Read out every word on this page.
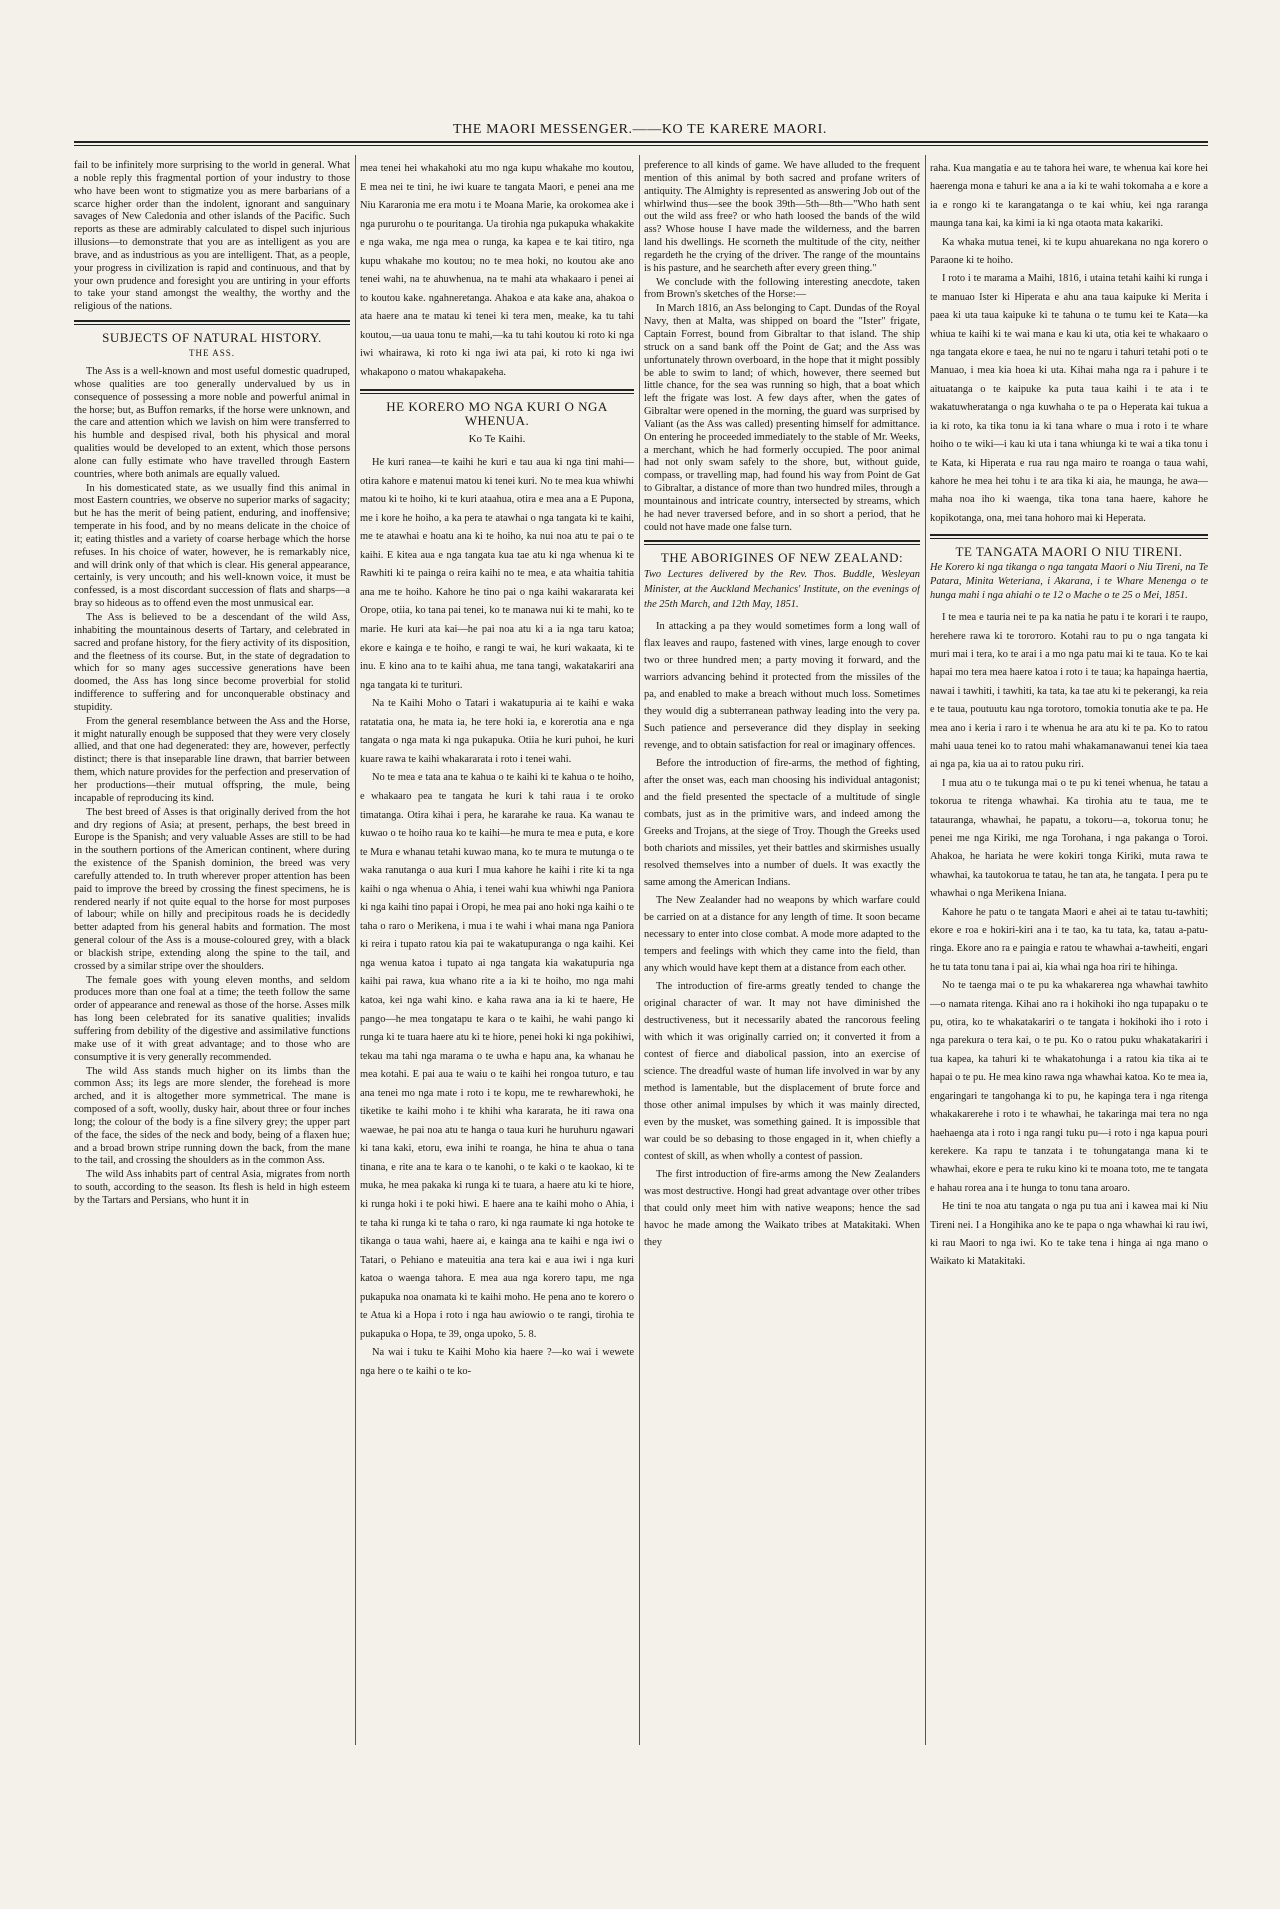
THE MAORI MESSENGER.——KO TE KARERE MAORI.

fail to be infinitely more surprising to the world in general. What a noble reply this fragmental portion of your industry to those who have been wont to stigmatize you as mere barbarians of a scarce higher order than the indolent, ignorant and sanguinary savages of New Caledonia and other islands of the Pacific. Such reports as these are admirably calculated to dispel such injurious illusions—to demonstrate that you are as intelligent as you are brave, and as industrious as you are intelligent. That, as a people, your progress in civilization is rapid and continuous, and that by your own prudence and foresight you are untiring in your efforts to take your stand amongst the wealthy, the worthy and the religious of the nations.

SUBJECTS OF NATURAL HISTORY.
THE ASS.

The Ass is a well-known and most useful domestic quadruped, whose qualities are too generally undervalued by us in consequence of possessing a more noble and powerful animal in the horse; but, as Buffon remarks, if the horse were unknown, and the care and attention which we lavish on him were transferred to his humble and despised rival, both his physical and moral qualities would be developed to an extent, which those persons alone can fully estimate who have travelled through Eastern countries, where both animals are equally valued.

In his domesticated state, as we usually find this animal in most Eastern countries, we observe no superior marks of sagacity; but he has the merit of being patient, enduring, and inoffensive; temperate in his food, and by no means delicate in the choice of it; eating thistles and a variety of coarse herbage which the horse refuses. In his choice of water, however, he is remarkably nice, and will drink only of that which is clear. His general appearance, certainly, is very uncouth; and his well-known voice, it must be confessed, is a most discordant succession of flats and sharps—a bray so hideous as to offend even the most unmusical ear.

The Ass is believed to be a descendant of the wild Ass, inhabiting the mountainous deserts of Tartary, and celebrated in sacred and profane history, for the fiery activity of its disposition, and the fleetness of its course. But, in the state of degradation to which for so many ages successive generations have been doomed, the Ass has long since become proverbial for stolid indifference to suffering and for unconquerable obstinacy and stupidity.

From the general resemblance between the Ass and the Horse, it might naturally enough be supposed that they were very closely allied, and that one had degenerated: they are, however, perfectly distinct; there is that inseparable line drawn, that barrier between them, which nature provides for the perfection and preservation of her productions—their mutual offspring, the mule, being incapable of reproducing its kind.

The best breed of Asses is that originally derived from the hot and dry regions of Asia; at present, perhaps, the best breed in Europe is the Spanish; and very valuable Asses are still to be had in the southern portions of the American continent, where during the existence of the Spanish dominion, the breed was very carefully attended to. In truth wherever proper attention has been paid to improve the breed by crossing the finest specimens, he is rendered nearly if not quite equal to the horse for most purposes of labour; while on hilly and precipitous roads he is decidedly better adapted from his general habits and formation. The most general colour of the Ass is a mouse-coloured grey, with a black or blackish stripe, extending along the spine to the tail, and crossed by a similar stripe over the shoulders.

The female goes with young eleven months, and seldom produces more than one foal at a time; the teeth follow the same order of appearance and renewal as those of the horse. Asses milk has long been celebrated for its sanative qualities; invalids suffering from debility of the digestive and assimilative functions make use of it with great advantage; and to those who are consumptive it is very generally recommended.

The wild Ass stands much higher on its limbs than the common Ass; its legs are more slender, the forehead is more arched, and it is altogether more symmetrical. The mane is composed of a soft, woolly, dusky hair, about three or four inches long; the colour of the body is a fine silvery grey; the upper part of the face, the sides of the neck and body, being of a flaxen hue; and a broad brown stripe running down the back, from the mane to the tail, and crossing the shoulders as in the common Ass.

The wild Ass inhabits part of central Asia, migrates from north to south, according to the season. Its flesh is held in high esteem by the Tartars and Persians, who hunt it in

mea tenei hei whakahoki atu mo nga kupu whakahe mo koutou, E mea nei te tini, he iwi kuare te tangata Maori, e penei ana me Niu Kararonia me era motu i te Moana Marie, ka orokomea ake i nga pururohu o te pouritanga. Ua tirohia nga pukapuka whakakite e nga waka, me nga mea o runga, ka kapea e te kai titiro, nga kupu whakahe mo koutou; no te mea hoki, no koutou ake ano tenei wahi, na te ahuwhenua, na te mahi ata whakaaro i penei ai to koutou kake. ngahneretanga. Ahakoa e ata kake ana, ahakoa o ata haere ana te matau ki tenei ki tera men, meake, ka tu tahi koutou,—ua uaua tonu te mahi,—ka tu tahi koutou ki roto ki nga iwi whairawa, ki roto ki nga iwi ata pai, ki roto ki nga iwi whakapono o matou whakapakeha.

HE KORERO MO NGA KURI O NGA WHENUA.
Ko Te Kaihi.

He kuri ranea—te kaihi he kuri e tau aua ki nga tini mahi—otira kahore e matenui matou ki tenei kuri. No te mea kua whiwhi matou ki te hoiho, ki te kuri ataahua, otira e mea ana a E Pupona, me i kore he hoiho, a ka pera te atawhai o nga tangata ki te kaihi, me te atawhai e hoatu ana ki te hoiho, ka nui noa atu te pai o te kaihi. E kitea aua e nga tangata kua tae atu ki nga whenua ki te Rawhiti ki te painga o reira kaihi no te mea, e ata whaitia tahitia ana me te hoiho. Kahore he tino pai o nga kaihi wakararata kei Orope, otiia, ko tana pai tenei, ko te manawa nui ki te mahi, ko te marie. He kuri ata kai—he pai noa atu ki a ia nga taru katoa; ekore e kainga e te hoiho, e rangi te wai, he kuri wakaata, ki te inu. E kino ana to te kaihi ahua, me tana tangi, wakatakariri ana nga tangata ki te turituri.

Na te Kaihi Moho o Tatari i wakatupuria ai te kaihi e waka ratatatia ona, he mata ia, he tere hoki ia, e korerotia ana e nga tangata o nga mata ki nga pukapuka. Otiia he kuri puhoi, he kuri kuare rawa te kaihi whakararata i roto i tenei wahi.

No te mea e tata ana te kahua o te kaihi ki te kahua o te hoiho, e whakaaro pea te tangata he kuri k tahi raua i te oroko timatanga. Otira kihai i pera, he kararahe ke raua. Ka wanau te kuwao o te hoiho raua ko te kaihi—he mura te mea e puta, e kore te Mura e whanau tetahi kuwao mana, ko te mura te mutunga o te waka ranutanga o aua kuri I mua kahore he kaihi i rite ki ta nga kaihi o nga whenua o Ahia, i tenei wahi kua whiwhi nga Paniora ki nga kaihi tino papai i Oropi, he mea pai ano hoki nga kaihi o te taha o raro o Merikena, i mua i te wahi i whai mana nga Paniora ki reira i tupato ratou kia pai te wakatupuranga o nga kaihi. Kei nga wenua katoa i tupato ai nga tangata kia wakatupuria nga kaihi pai rawa, kua whano rite a ia ki te hoiho, mo nga mahi katoa, kei nga wahi kino. e kaha rawa ana ia ki te haere, He pango—he mea tongatapu te kara o te kaihi, he wahi pango ki runga ki te tuara haere atu ki te hiore, penei hoki ki nga pokihiwi, tekau ma tahi nga marama o te uwha e hapu ana, ka whanau he mea kotahi. E pai aua te waiu o te kaihi hei rongoa tuturo, e tau ana tenei mo nga mate i roto i te kopu, me te rewharewhoki, he tiketike te kaihi moho i te khihi wha kararata, he iti rawa ona waewae, he pai noa atu te hanga o taua kuri he huruhuru ngawari ki tana kaki, etoru, ewa inihi te roanga, he hina te ahua o tana tinana, e rite ana te kara o te kanohi, o te kaki o te kaokao, ki te muka, he mea pakaka ki runga ki te tuara, a haere atu ki te hiore, ki runga hoki i te poki hiwi. E haere ana te kaihi moho o Ahia, i te taha ki runga ki te taha o raro, ki nga raumate ki nga hotoke te tikanga o taua wahi, haere ai, e kainga ana te kaihi e nga iwi o Tatari, o Pehiano e mateuitia ana tera kai e aua iwi i nga kuri katoa o waenga tahora. E mea aua nga korero tapu, me nga pukapuka noa onamata ki te kaihi moho. He pena ano te korero o te Atua ki a Hopa i roto i nga hau awiowio o te rangi, tirohia te pukapuka o Hopa, te 39, onga upoko, 5. 8.

Na wai i tuku te Kaihi Moho kia haere ?—ko wai i wewete nga here o te kaihi o te ko-

preference to all kinds of game. We have alluded to the frequent mention of this animal by both sacred and profane writers of antiquity. The Almighty is represented as answering Job out of the whirlwind thus—see the book 39th—5th—8th—"Who hath sent out the wild ass free? or who hath loosed the bands of the wild ass? Whose house I have made the wilderness, and the barren land his dwellings. He scorneth the multitude of the city, neither regardeth he the crying of the driver. The range of the mountains is his pasture, and he searcheth after every green thing."

We conclude with the following interesting anecdote, taken from Brown's sketches of the Horse:—

In March 1816, an Ass belonging to Capt. Dundas of the Royal Navy, then at Malta, was shipped on board the "Ister" frigate, Captain Forrest, bound from Gibraltar to that island. The ship struck on a sand bank off the Point de Gat; and the Ass was unfortunately thrown overboard, in the hope that it might possibly be able to swim to land; of which, however, there seemed but little chance, for the sea was running so high, that a boat which left the frigate was lost. A few days after, when the gates of Gibraltar were opened in the morning, the guard was surprised by Valiant (as the Ass was called) presenting himself for admittance. On entering he proceeded immediately to the stable of Mr. Weeks, a merchant, which he had formerly occupied. The poor animal had not only swam safely to the shore, but, without guide, compass, or travelling map, had found his way from Point de Gat to Gibraltar, a distance of more than two hundred miles, through a mountainous and intricate country, intersected by streams, which he had never traversed before, and in so short a period, that he could not have made one false turn.

THE ABORIGINES OF NEW ZEALAND:
Two Lectures delivered by the Rev. Thos. Buddle, Wesleyan Minister, at the Auckland Mechanics' Institute, on the evenings of the 25th March, and 12th May, 1851.

In attacking a pa they would sometimes form a long wall of flax leaves and raupo, fastened with vines, large enough to cover two or three hundred men; a party moving it forward, and the warriors advancing behind it protected from the missiles of the pa, and enabled to make a breach without much loss. Sometimes they would dig a subterranean pathway leading into the very pa. Such patience and perseverance did they display in seeking revenge, and to obtain satisfaction for real or imaginary offences.

Before the introduction of fire-arms, the method of fighting, after the onset was, each man choosing his individual antagonist; and the field presented the spectacle of a multitude of single combats, just as in the primitive wars, and indeed among the Greeks and Trojans, at the siege of Troy. Though the Greeks used both chariots and missiles, yet their battles and skirmishes usually resolved themselves into a number of duels. It was exactly the same among the American Indians.

The New Zealander had no weapons by which warfare could be carried on at a distance for any length of time. It soon became necessary to enter into close combat. A mode more adapted to the tempers and feelings with which they came into the field, than any which would have kept them at a distance from each other.

The introduction of fire-arms greatly tended to change the original character of war. It may not have diminished the destructiveness, but it necessarily abated the rancorous feeling with which it was originally carried on; it converted it from a contest of fierce and diabolical passion, into an exercise of science. The dreadful waste of human life involved in war by any method is lamentable, but the displacement of brute force and those other animal impulses by which it was mainly directed, even by the musket, was something gained. It is impossible that war could be so debasing to those engaged in it, when chiefly a contest of skill, as when wholly a contest of passion.

The first introduction of fire-arms among the New Zealanders was most destructive. Hongi had great advantage over other tribes that could only meet him with native weapons; hence the sad havoc he made among the Waikato tribes at Matakitaki. When they

raha. Kua mangatia e au te tahora hei ware, te whenua kai kore hei haerenga mona e tahuri ke ana a ia ki te wahi tokomaha a e kore a ia e rongo ki te karangatanga o te kai whiu, kei nga raranga maunga tana kai, ka kimi ia ki nga otaota mata kakariki.

Ka whaka mutua tenei, ki te kupu ahuarekana no nga korero o Paraone ki te hoiho.

I roto i te marama a Maihi, 1816, i utaina tetahi kaihi ki runga i te manuao Ister ki Hiperata e ahu ana taua kaipuke ki Merita i paea ki uta taua kaipuke ki te tahuna o te tumu kei te Kata—ka whiua te kaihi ki te wai mana e kau ki uta, otia kei te whakaaro o nga tangata ekore e taea, he nui no te ngaru i tahuri tetahi poti o te Manuao, i mea kia hoea ki uta. Kihai maha nga ra i pahure i te aituatanga o te kaipuke ka puta taua kaihi i te ata i te wakatuwheratanga o nga kuwhaha o te pa o Heperata kai tukua a ia ki roto, ka tika tonu ia ki tana whare o mua i roto i te whare hoiho o te wiki—i kau ki uta i tana whiunga ki te wai a tika tonu i te Kata, ki Hiperata e rua rau nga mairo te roanga o taua wahi, kahore he mea hei tohu i te ara tika ki aia, he maunga, he awa—maha noa iho ki waenga, tika tona tana haere, kahore he kopikotanga, ona, mei tana hohoro mai ki Heperata.

TE TANGATA MAORI O NIU TIRENI.
He Korero ki nga tikanga o nga tangata Maori o Niu Tireni, na Te Patara, Minita Weteriana, i Akarana, i te Whare Menenga o te hunga mahi i nga ahiahi o te 12 o Mache o te 25 o Mei, 1851.

I te mea e tauria nei te pa ka natia he patu i te korari i te raupo, herehere rawa ki te toroтоro. Kotahi rau to pu o nga tangata ki muri mai i tera, ko te arai i a mo nga patu mai ki te taua. Ko te kai hapai mo tera mea haere katoa i roto i te taua; ka hapainga haertia, nawai i tawhiti, i tawhiti, ka tata, ka tae atu ki te pekerangi, ka reia e te taua, poutuutu kau nga torotoro, tomokia tonutia ake te pa. He mea ano i keria i raro i te whenua he ara atu ki te pa. Ko to ratou mahi uaua tenei ko to ratou mahi whakamanawanui tenei kia taea ai nga pa, kia ua ai to ratou puku riri.

I mua atu o te tukunga mai o te pu ki tenei whenua, he tatau a tokorua te ritenga whawhai. Ka tirohia atu te taua, me te tatauranga, whawhai, he papatu, a tokoru—a, tokorua tonu; he penei me nga Kiriki, me nga Torohana, i nga pakanga o Toroi. Ahakoa, he hariata he were kokiri tonga Kiriki, muta rawa te whawhai, ka tautokorua te tatau, he tan ata, he tangata. I pera pu te whawhai o nga Merikena Iniana.

Kahore he patu o te tangata Maori e ahei ai te tatau tu-tawhiti; ekore e roa e hokiri-kiri ana i te tao, ka tu tata, ka, tatau a-patu-ringa. Ekore ano ra e paingia e ratou te whawhai a-tawheiti, engari he tu tata tonu tana i pai ai, kia whai nga hoa riri te hihinga.

No te taenga mai o te pu ka whakarerea nga whawhai tawhito—o namata ritenga. Kihai ano ra i hokihoki iho nga tupapaku o te pu, otira, ko te whakatakariri o te tangata i hokihoki iho i roto i nga parekura o tera kai, o te pu. Ko o ratou puku whakatakariri i tua kapea, ka tahuri ki te whakatohunga i a ratou kia tika ai te hapai o te pu. He mea kino rawa nga whawhai katoa. Ko te mea ia, engaringari te tangohanga ki to pu, he kapinga tera i nga ritenga whakakarerehe i roto i te whawhai, he takaringa mai tera no nga haehaenga ata i roto i nga rangi tuku pu—i roto i nga kapua pouri kerekere. Ka rapu te tanzata i te tohungatanga mana ki te whawhai, ekore e pera te ruku kino ki te moana toto, me te tangata e hahau rorea ana i te hunga to tonu tana aroaro.

He tini te noa atu tangata o nga pu tua ani i kawea mai ki Niu Tireni nei. I a Hongihika ano ke te papa o nga whawhai ki rau iwi, ki rau Maori to nga iwi. Ko te take tena i hinga ai nga mano o Waikato ki Matakitaki.
